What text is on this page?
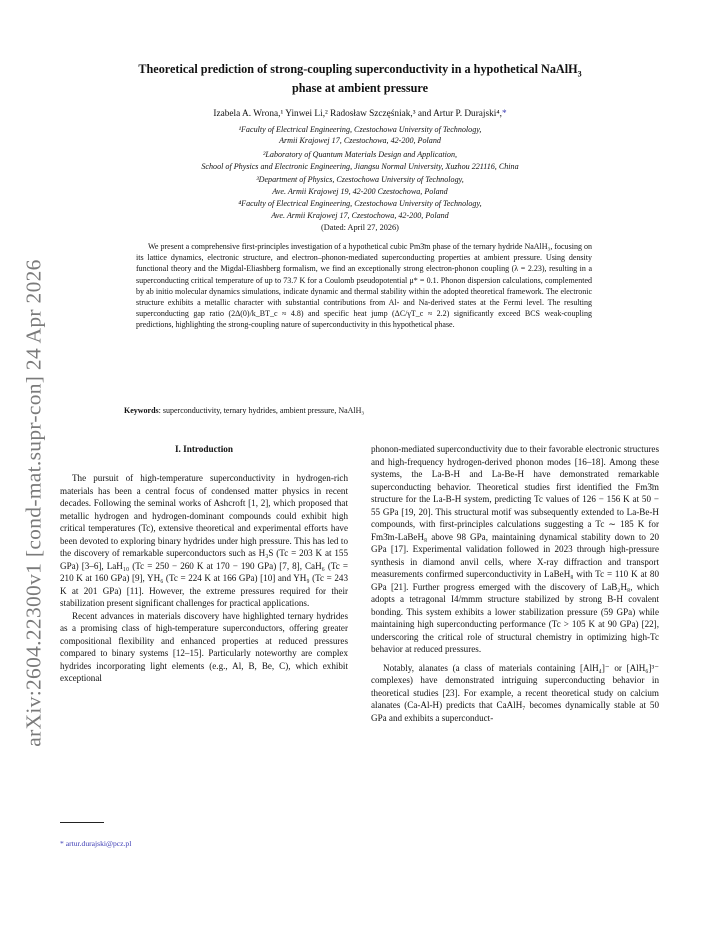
arXiv:2604.22300v1 [cond-mat.supr-con] 24 Apr 2026
Theoretical prediction of strong-coupling superconductivity in a hypothetical NaAlH$_3$
phase at ambient pressure
Izabela A. Wrona,¹ Yinwei Li,² Radosław Szczęśniak,³ and Artur P. Durajski⁴,*
¹Faculty of Electrical Engineering, Czestochowa University of Technology,
Armii Krajowej 17, Czestochowa, 42-200, Poland
²Laboratory of Quantum Materials Design and Application,
School of Physics and Electronic Engineering, Jiangsu Normal University, Xuzhou 221116, China
³Department of Physics, Czestochowa University of Technology,
Ave. Armii Krajowej 19, 42-200 Czestochowa, Poland
⁴Faculty of Electrical Engineering, Czestochowa University of Technology,
Ave. Armii Krajowej 17, Czestochowa, 42-200, Poland
(Dated: April 27, 2026)
We present a comprehensive first-principles investigation of a hypothetical cubic Pm3̄m phase of the ternary hydride NaAlH₃, focusing on its lattice dynamics, electronic structure, and electron–phonon-mediated superconducting properties at ambient pressure. Using density functional theory and the Migdal-Eliashberg formalism, we find an exceptionally strong electron-phonon coupling (λ = 2.23), resulting in a superconducting critical temperature of up to 73.7 K for a Coulomb pseudopotential μ* = 0.1. Phonon dispersion calculations, complemented by ab initio molecular dynamics simulations, indicate dynamic and thermal stability within the adopted theoretical framework. The electronic structure exhibits a metallic character with substantial contributions from Al- and Na-derived states at the Fermi level. The resulting superconducting gap ratio (2Δ(0)/k_BT_c ≈ 4.8) and specific heat jump (ΔC/γT_c ≈ 2.2) significantly exceed BCS weak-coupling predictions, highlighting the strong-coupling nature of superconductivity in this hypothetical phase.
Keywords: superconductivity, ternary hydrides, ambient pressure, NaAlH₃
I. Introduction

The pursuit of high-temperature superconductivity in hydrogen-rich materials has been a central focus of condensed matter physics in recent decades. Following the seminal works of Ashcroft [1, 2], which proposed that metallic hydrogen and hydrogen-dominant compounds could exhibit high critical temperatures (Tc), extensive theoretical and experimental efforts have been devoted to exploring binary hydrides under high pressure. This has led to the discovery of remarkable superconductors such as H₃S (Tc = 203 K at 155 GPa) [3–6], LaH₁₀ (Tc = 250 − 260 K at 170 − 190 GPa) [7, 8], CaH₆ (Tc = 210 K at 160 GPa) [9], YH₆ (Tc = 224 K at 166 GPa) [10] and YH₉ (Tc = 243 K at 201 GPa) [11]. However, the extreme pressures required for their stabilization present significant challenges for practical applications.

Recent advances in materials discovery have highlighted ternary hydrides as a promising class of high-temperature superconductors, offering greater compositional flexibility and enhanced properties at reduced pressures compared to binary systems [12–15]. Particularly noteworthy are complex hydrides incorporating light elements (e.g., Al, B, Be, C), which exhibit exceptional

phonon-mediated superconductivity due to their favorable electronic structures and high-frequency hydrogen-derived phonon modes [16–18]. Among these systems, the La-B-H and La-Be-H have demonstrated remarkable superconducting behavior. Theoretical studies first identified the Fm3̄m structure for the La-B-H system, predicting Tc values of 126 − 156 K at 50 − 55 GPa [19, 20]. This structural motif was subsequently extended to La-Be-H compounds, with first-principles calculations suggesting a Tc ∼ 185 K for Fm3̄m-LaBeH₈ above 98 GPa, maintaining dynamical stability down to 20 GPa [17]. Experimental validation followed in 2023 through high-pressure synthesis in diamond anvil cells, where X-ray diffraction and transport measurements confirmed superconductivity in LaBeH₈ with Tc = 110 K at 80 GPa [21]. Further progress emerged with the discovery of LaB₂H₈, which adopts a tetragonal I4/mmm structure stabilized by strong B-H covalent bonding. This system exhibits a lower stabilization pressure (59 GPa) while maintaining high superconducting performance (Tc > 105 K at 90 GPa) [22], underscoring the critical role of structural chemistry in optimizing high-Tc behavior at reduced pressures.

Notably, alanates (a class of materials containing [AlH₄]⁻ or [AlH₆]³⁻ complexes) have demonstrated intriguing superconducting behavior in theoretical studies [23]. For example, a recent theoretical study on calcium alanates (Ca-Al-H) predicts that CaAlH₇ becomes dynamically stable at 50 GPa and exhibits a superconduct-

* artur.durajski@pcz.pl
